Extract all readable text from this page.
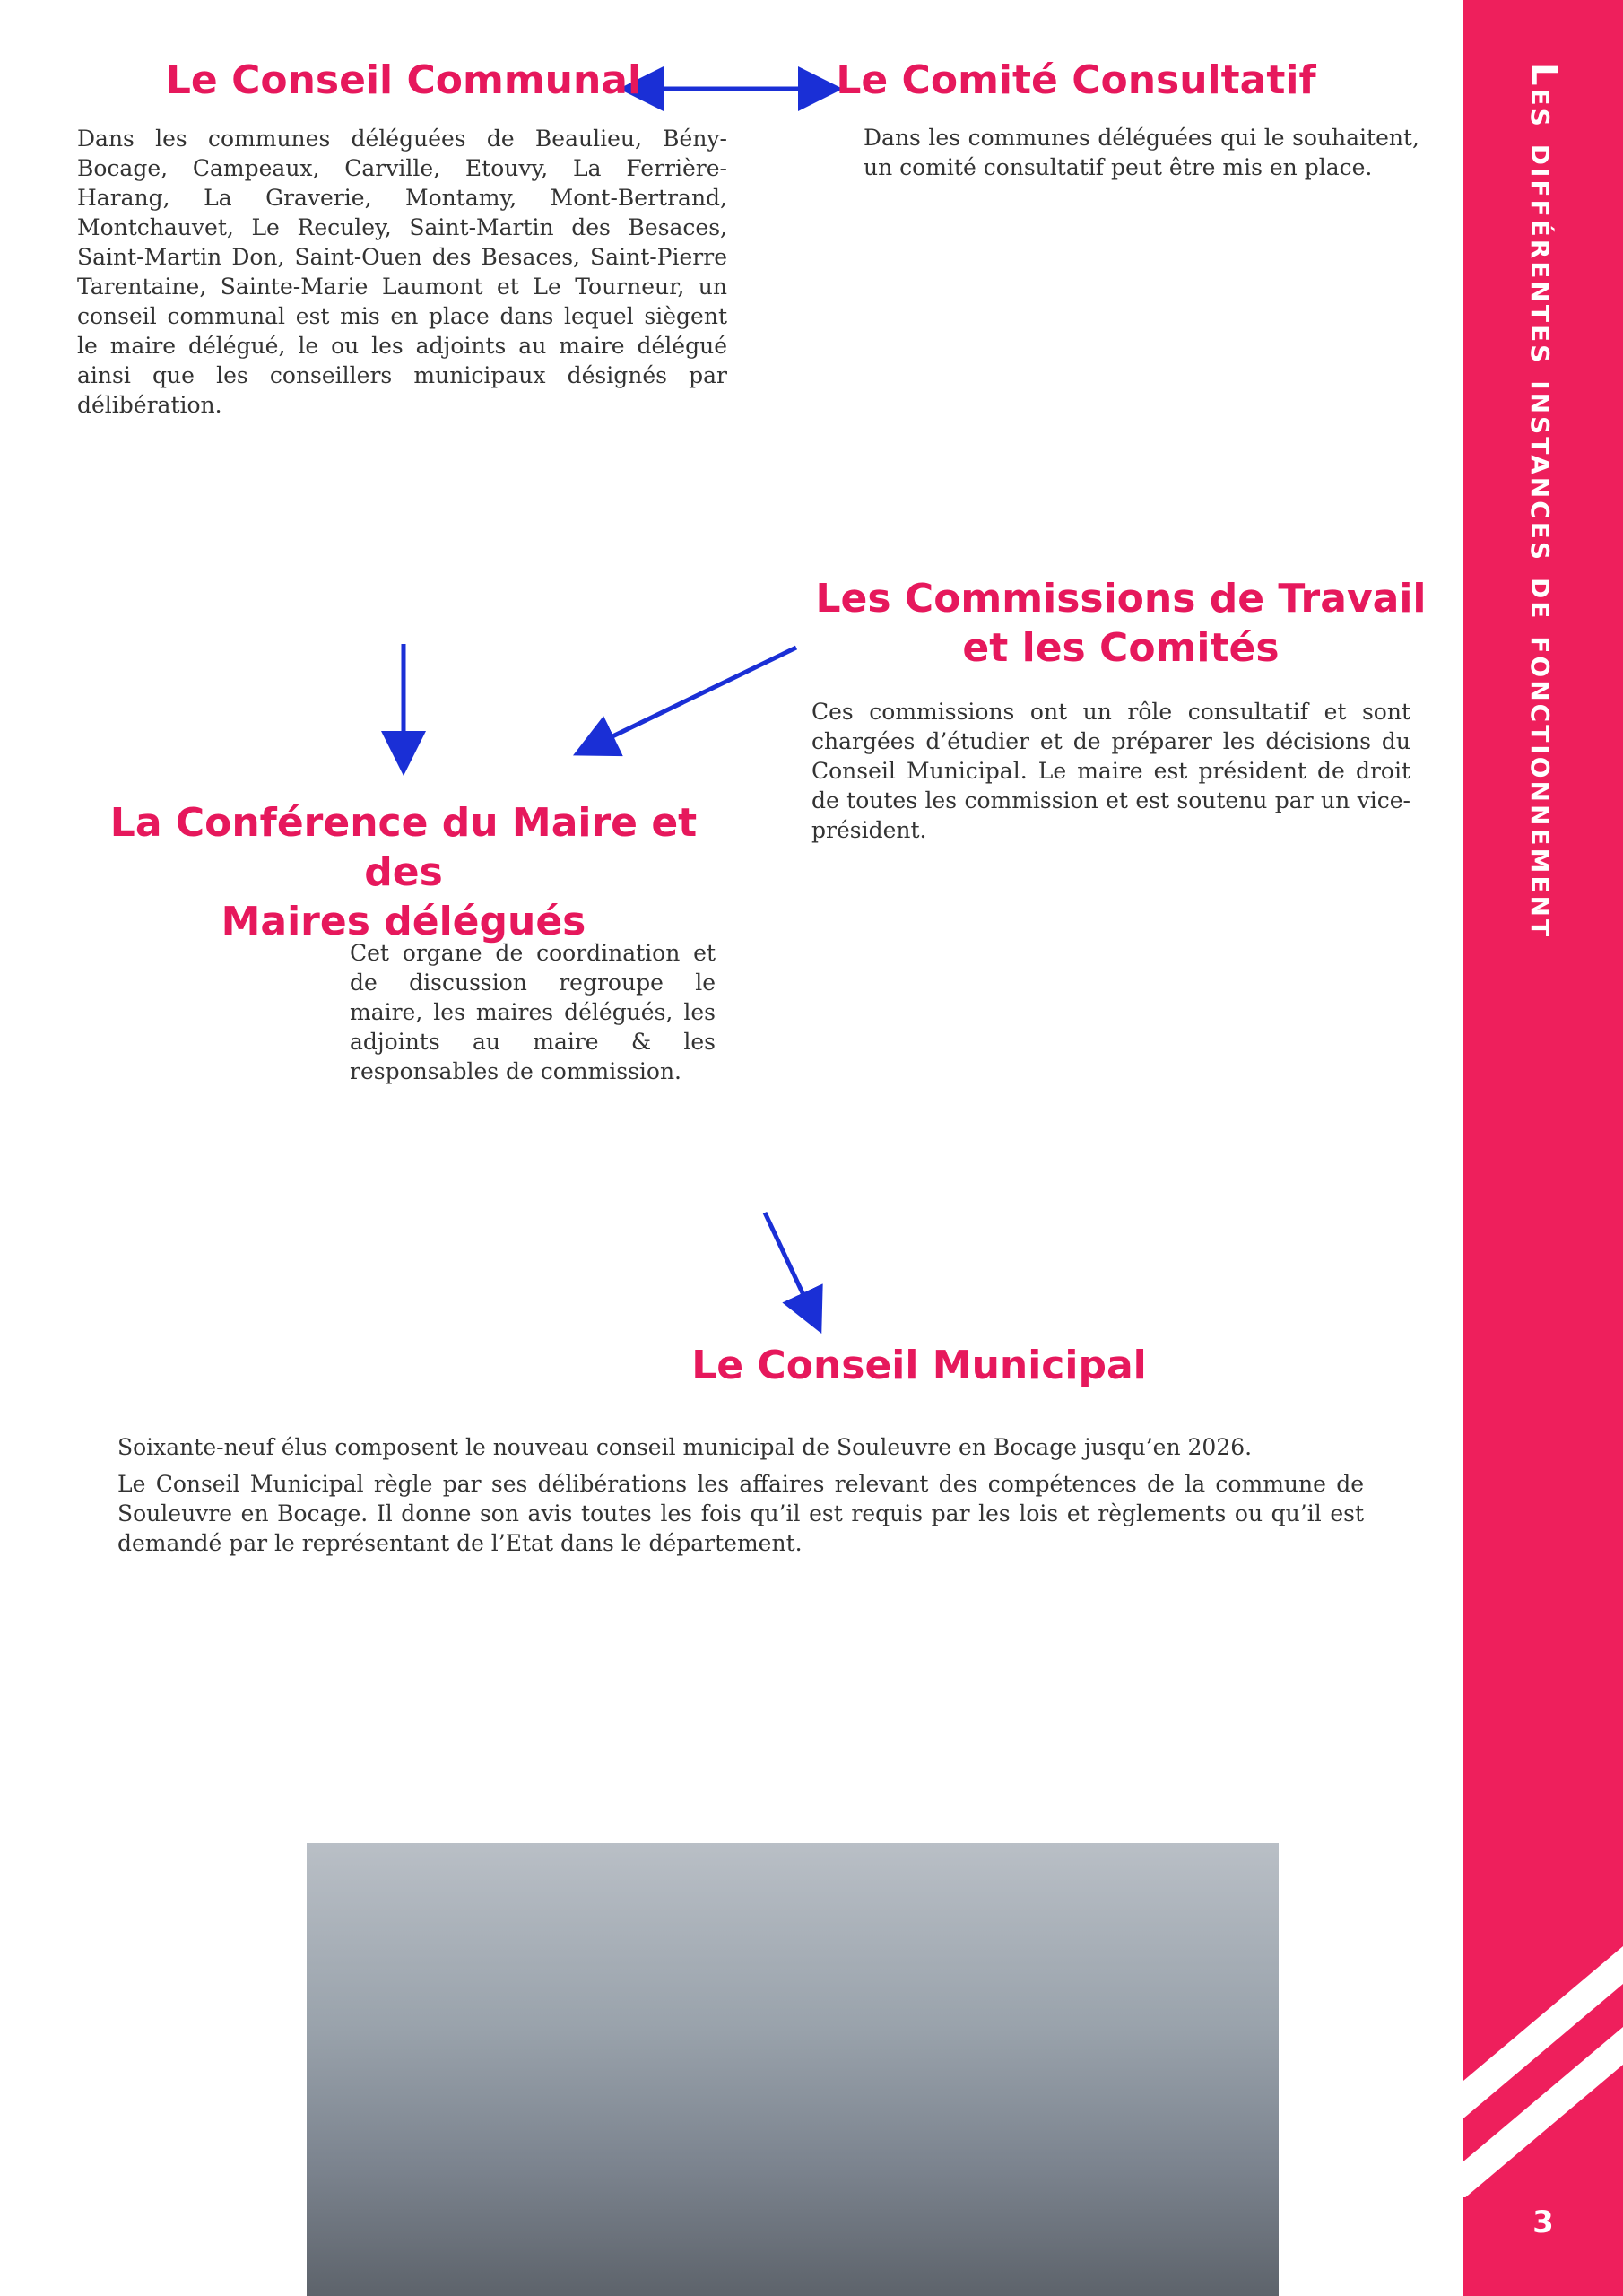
Les différentes instances de fonctionnement
3
Le Conseil Communal

Dans les communes déléguées de Beaulieu, Bény-Bocage, Campeaux, Carville, Etouvy, La Ferrière-Harang, La Graverie, Montamy, Mont-Bertrand, Montchauvet, Le Reculey, Saint-Martin des Besaces, Saint-Martin Don, Saint-Ouen des Besaces, Saint-Pierre Tarentaine, Sainte-Marie Laumont et Le Tourneur, un conseil communal est mis en place dans lequel siègent le maire délégué, le ou les adjoints au maire délégué ainsi que les conseillers municipaux désignés par délibération.

Le Comité Consultatif

Dans les communes déléguées qui le souhaitent, un comité consultatif peut être mis en place.

Les Commissions de Travail
et les Comités

Ces commissions ont un rôle consultatif et sont chargées d’étudier et de préparer les décisions du Conseil Municipal. Le maire est président de droit de toutes les commission et est soutenu par un vice-président.

La Conférence du Maire et des
Maires délégués

Cet organe de coordination et de discussion regroupe le maire, les maires délégués, les adjoints au maire & les responsables de commission.

Le Conseil Municipal

Soixante-neuf élus composent le nouveau conseil municipal de Souleuvre en Bocage jusqu’en 2026.

Le Conseil Municipal règle par ses délibérations les affaires relevant des compétences de la commune de Souleuvre en Bocage. Il donne son avis toutes les fois qu’il est requis par les lois et règlements ou qu’il est demandé par le représentant de l’Etat dans le département.
